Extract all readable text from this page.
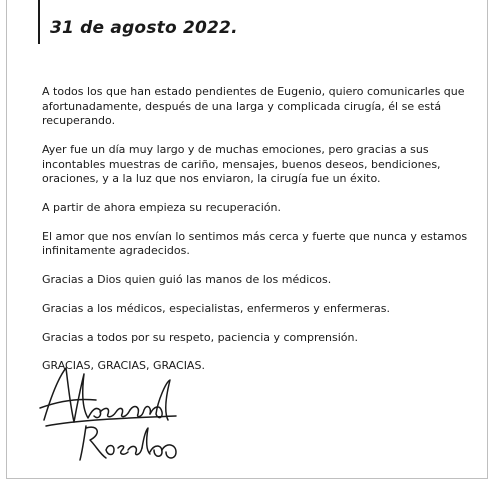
31 de agosto 2022.

A todos los que han estado pendientes de Eugenio, quiero comunicarles que afortunadamente, después de una larga y complicada cirugía, él se está recuperando.

Ayer fue un día muy largo y de muchas emociones, pero gracias a sus incontables muestras de cariño, mensajes, buenos deseos, bendiciones, oraciones, y a la luz que nos enviaron, la cirugía fue un éxito.

A partir de ahora empieza su recuperación.

El amor que nos envían lo sentimos más cerca y fuerte que nunca y estamos infinitamente agradecidos.

Gracias a Dios quien guió las manos de los médicos.

Gracias a los médicos, especialistas, enfermeros y enfermeras.

Gracias a todos por su respeto, paciencia y comprensión.

GRACIAS, GRACIAS, GRACIAS.
